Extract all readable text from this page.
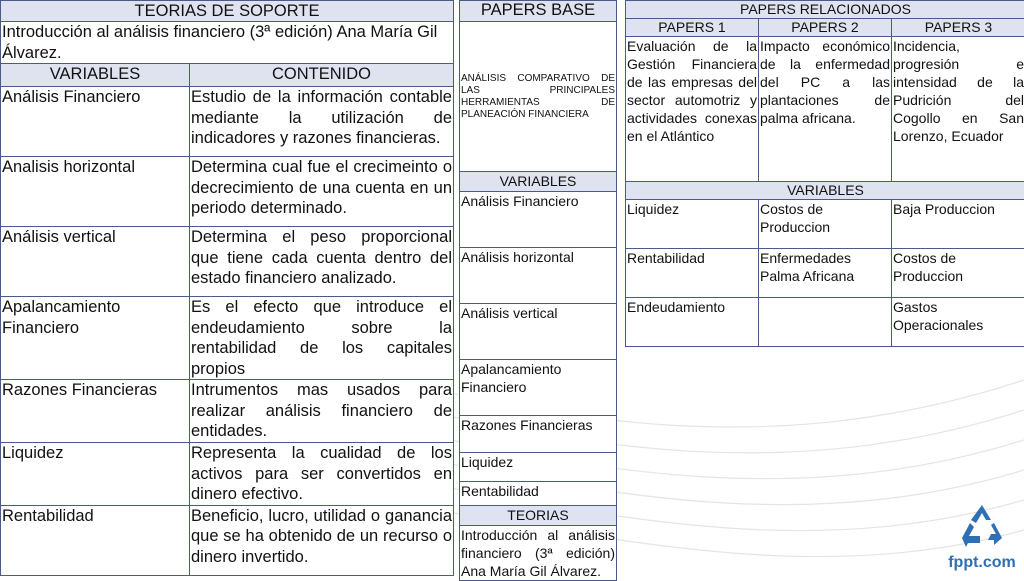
TEORIAS DE SOPORTE	
Introducción al análisis financiero (3ª edición) Ana María Gil Álvarez.	
VARIABLES	CONTENIDO
Análisis Financiero	Estudio de la información contable mediante la utilización de indicadores y razones financieras.
Analisis horizontal	Determina cual fue el crecimeinto o decrecimiento de una cuenta en un periodo determinado.
Análisis vertical	Determina el peso proporcional que tiene cada cuenta dentro del estado financiero analizado.
Apalancamiento Financiero	Es el efecto que introduce el endeudamiento sobre la rentabilidad de los capitales propios
Razones Financieras	Intrumentos mas usados para realizar análisis financiero de entidades.
Liquidez	Representa la cualidad de los activos para ser convertidos en dinero efectivo.
Rentabilidad	Beneficio, lucro, utilidad o ganancia que se ha obtenido de un recurso o dinero invertido.
PAPERS BASE
ANÁLISIS COMPARATIVO DE LAS PRINCIPALES HERRAMIENTAS DE PLANEACIÓN FINANCIERA
VARIABLES
Análisis Financiero
Análisis horizontal
Análisis vertical
Apalancamiento Financiero
Razones Financieras
Liquidez
Rentabilidad
TEORIAS
Introducción al análisis financiero (3ª edición) Ana María Gil Álvarez.
PAPERS RELACIONADOS		
PAPERS 1	PAPERS 2	PAPERS 3
Evaluación de la Gestión Financiera de las empresas del sector automotriz y actividades conexas en el Atlántico	Impacto económico de la enfermedad del PC a las plantaciones de palma africana.	Incidencia, progresión e intensidad de la Pudrición del Cogollo en San Lorenzo, Ecuador
VARIABLES		
Liquidez	Costos de Produccion	Baja Produccion
Rentabilidad	Enfermedades Palma Africana	Costos de Produccion
Endeudamiento		Gastos Operacionales
fppt.com
